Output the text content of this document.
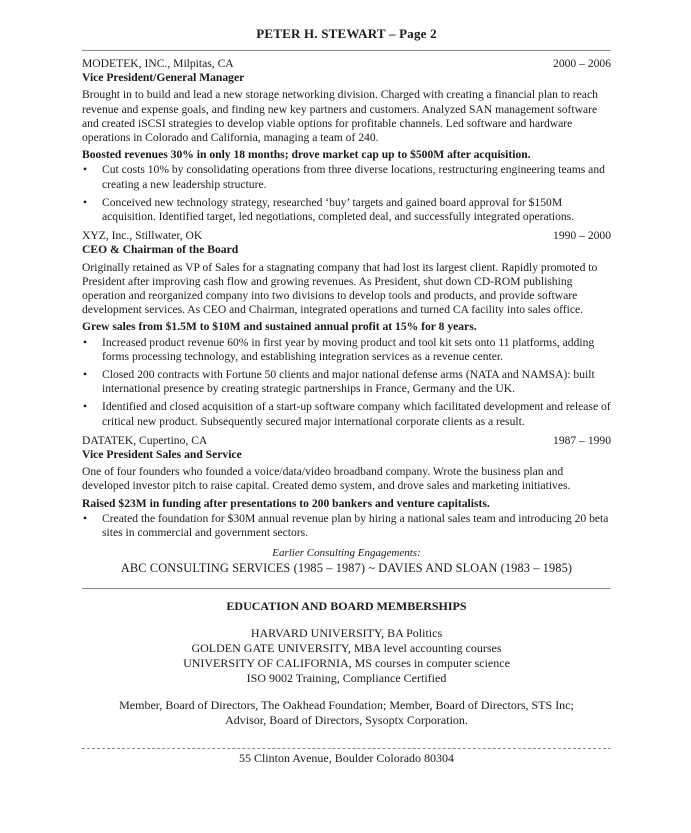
PETER H. STEWART – Page 2
MODETEK, INC., Milpitas, CA	2000 – 2006
Vice President/General Manager

Brought in to build and lead a new storage networking division. Charged with creating a financial plan to reach revenue and expense goals, and finding new key partners and customers. Analyzed SAN management software and created iSCSI strategies to develop viable options for profitable channels. Led software and hardware operations in Colorado and California, managing a team of 240.

Boosted revenues 30% in only 18 months; drove market cap up to $500M after acquisition.

• Cut costs 10% by consolidating operations from three diverse locations, restructuring engineering teams and creating a new leadership structure.
• Conceived new technology strategy, researched ‘buy’ targets and gained board approval for $150M acquisition. Identified target, led negotiations, completed deal, and successfully integrated operations.
XYZ, Inc., Stillwater, OK	1990 – 2000
CEO & Chairman of the Board

Originally retained as VP of Sales for a stagnating company that had lost its largest client. Rapidly promoted to President after improving cash flow and growing revenues. As President, shut down CD-ROM publishing operation and reorganized company into two divisions to develop tools and products, and provide software development services. As CEO and Chairman, integrated operations and turned CA facility into sales office.

Grew sales from $1.5M to $10M and sustained annual profit at 15% for 8 years.

• Increased product revenue 60% in first year by moving product and tool kit sets onto 11 platforms, adding forms processing technology, and establishing integration services as a revenue center.
• Closed 200 contracts with Fortune 50 clients and major national defense arms (NATA and NAMSA): built international presence by creating strategic partnerships in France, Germany and the UK.
• Identified and closed acquisition of a start-up software company which facilitated development and release of critical new product. Subsequently secured major international corporate clients as a result.
DATATEK, Cupertino, CA	1987 – 1990
Vice President Sales and Service

One of four founders who founded a voice/data/video broadband company. Wrote the business plan and developed investor pitch to raise capital. Created demo system, and drove sales and marketing initiatives.

Raised $23M in funding after presentations to 200 bankers and venture capitalists.

• Created the foundation for $30M annual revenue plan by hiring a national sales team and introducing 20 beta sites in commercial and government sectors.
Earlier Consulting Engagements:
ABC CONSULTING SERVICES (1985 – 1987) ~ DAVIES AND SLOAN (1983 – 1985)
EDUCATION AND BOARD MEMBERSHIPS
HARVARD UNIVERSITY, BA Politics
GOLDEN GATE UNIVERSITY, MBA level accounting courses
UNIVERSITY OF CALIFORNIA, MS courses in computer science
ISO 9002 Training, Compliance Certified
Member, Board of Directors, The Oakhead Foundation; Member, Board of Directors, STS Inc;
Advisor, Board of Directors, Sysoptx Corporation.
55 Clinton Avenue, Boulder Colorado 80304
